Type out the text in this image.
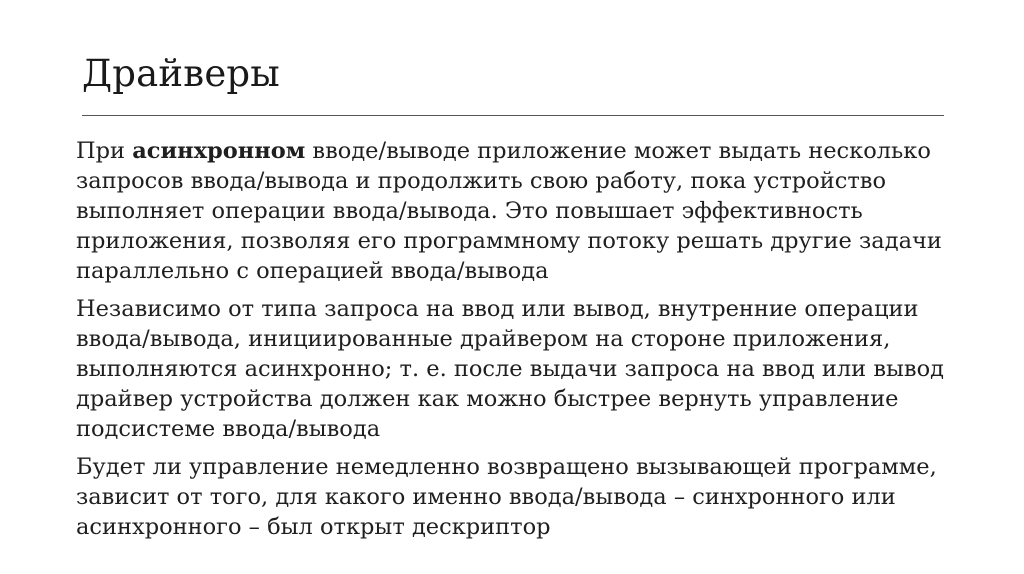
Драйверы

При асинхронном вводе/выводе приложение может выдать несколько запросов ввода/вывода и продолжить свою работу, пока устройство выполняет операции ввода/вывода. Это повышает эффективность приложения, позволяя его программному потоку решать другие задачи параллельно с операцией ввода/вывода

Независимо от типа запроса на ввод или вывод, внутренние операции ввода/вывода, инициированные драйвером на стороне приложения, выполняются асинхронно; т. е. после выдачи запроса на ввод или вывод драйвер устройства должен как можно быстрее вернуть управление подсистеме ввода/вывода

Будет ли управление немедленно возвращено вызывающей программе, зависит от того, для какого именно ввода/вывода – синхронного или асинхронного – был открыт дескриптор
